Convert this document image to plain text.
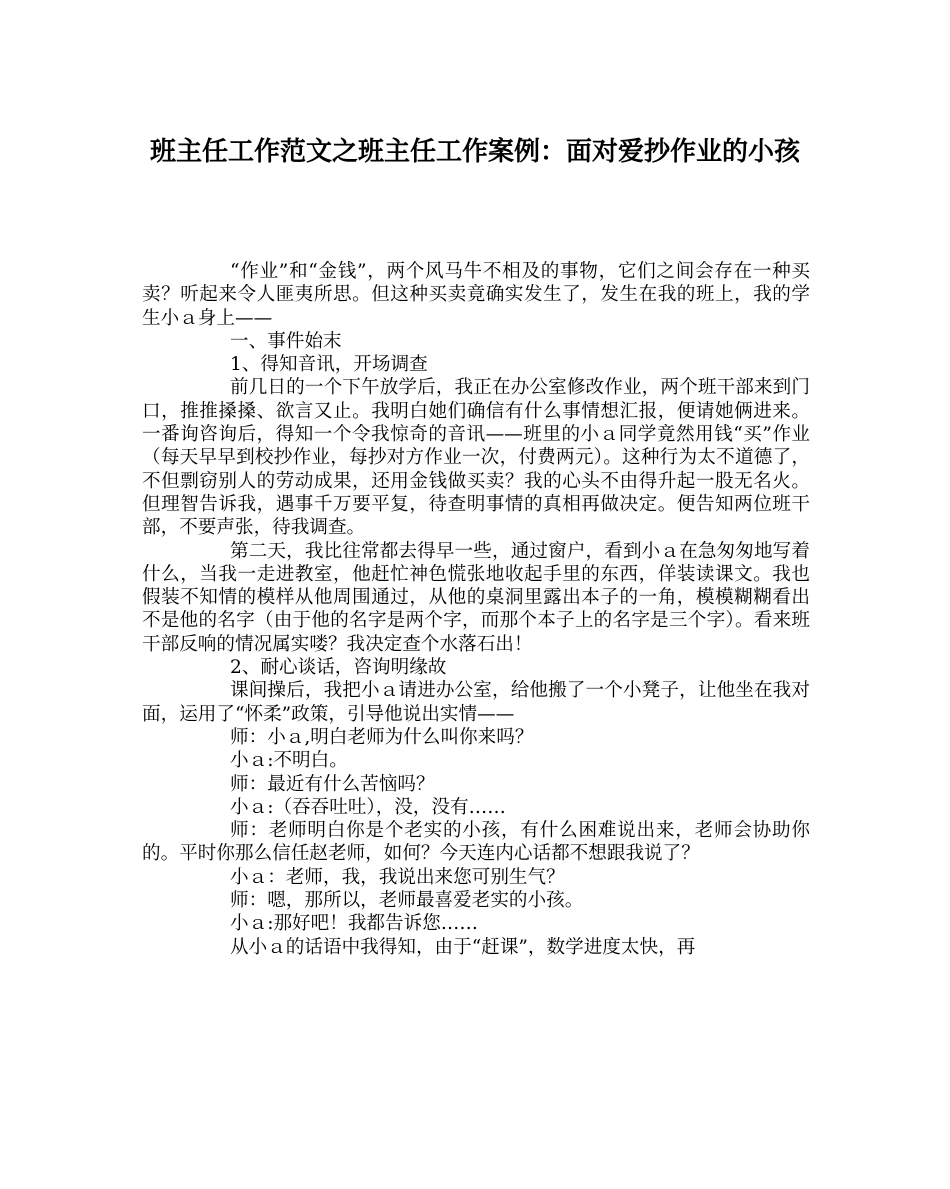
班主任工作范文之班主任工作案例：面对爱抄作业的小孩

“作业”和“金钱”，两个风马牛不相及的事物，它们之间会存在一种买卖？听起来令人匪夷所思。但这种买卖竟确实发生了，发生在我的班上，我的学生小ａ身上——

一、事件始末

1、得知音讯，开场调查

前几日的一个下午放学后，我正在办公室修改作业，两个班干部来到门口，推推搡搡、欲言又止。我明白她们确信有什么事情想汇报，便请她俩进来。一番询咨询后，得知一个令我惊奇的音讯——班里的小ａ同学竟然用钱“买”作业（每天早早到校抄作业，每抄对方作业一次，付费两元）。这种行为太不道德了，不但剽窃别人的劳动成果，还用金钱做买卖？我的心头不由得升起一股无名火。但理智告诉我，遇事千万要平复，待查明事情的真相再做决定。便告知两位班干部，不要声张，待我调查。

第二天，我比往常都去得早一些，通过窗户，看到小ａ在急匆匆地写着什么，当我一走进教室，他赶忙神色慌张地收起手里的东西，佯装读课文。我也假装不知情的模样从他周围通过，从他的桌洞里露出本子的一角，模模糊糊看出不是他的名字（由于他的名字是两个字，而那个本子上的名字是三个字）。看来班干部反响的情况属实喽？我决定查个水落石出！

2、耐心谈话，咨询明缘故

课间操后，我把小ａ请进办公室，给他搬了一个小凳子，让他坐在我对面，运用了“怀柔”政策，引导他说出实情——

师：小ａ,明白老师为什么叫你来吗？

小ａ:不明白。

师：最近有什么苦恼吗？

小ａ:（吞吞吐吐），没，没有……

师：老师明白你是个老实的小孩，有什么困难说出来，老师会协助你的。平时你那么信任赵老师，如何？今天连内心话都不想跟我说了？

小ａ：老师，我，我说出来您可别生气？

师：嗯，那所以，老师最喜爱老实的小孩。

小ａ:那好吧！我都告诉您……

从小ａ的话语中我得知，由于“赶课”，数学进度太快，再
